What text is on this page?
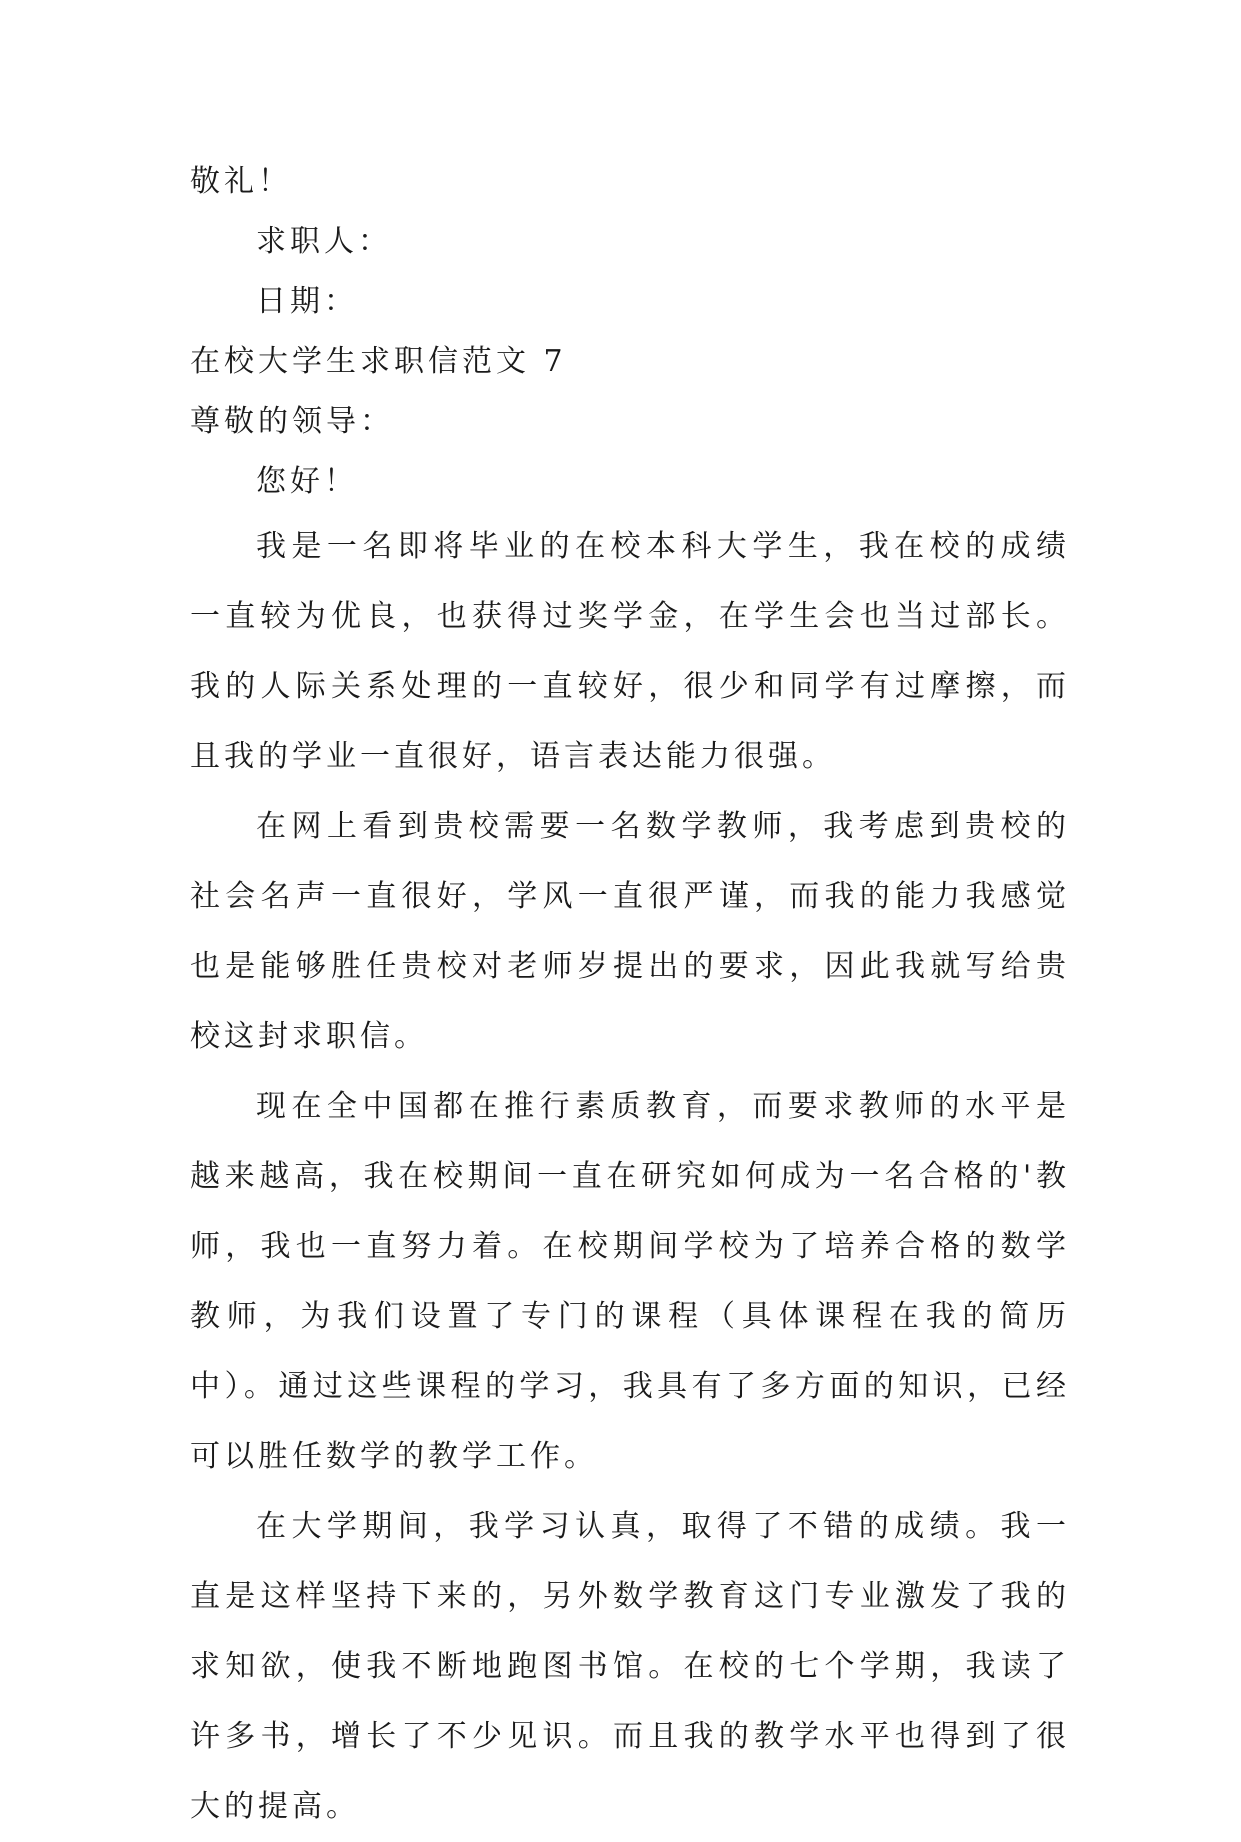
敬礼！

求职人：

日期：

在校大学生求职信范文 7

尊敬的领导：

您好！

我是一名即将毕业的在校本科大学生，我在校的成绩一直较为优良，也获得过奖学金，在学生会也当过部长。我的人际关系处理的一直较好，很少和同学有过摩擦，而且我的学业一直很好，语言表达能力很强。

在网上看到贵校需要一名数学教师，我考虑到贵校的社会名声一直很好，学风一直很严谨，而我的能力我感觉也是能够胜任贵校对老师岁提出的要求，因此我就写给贵校这封求职信。

现在全中国都在推行素质教育，而要求教师的水平是越来越高，我在校期间一直在研究如何成为一名合格的'教师，我也一直努力着。在校期间学校为了培养合格的数学教师，为我们设置了专门的课程（具体课程在我的简历中）。通过这些课程的学习，我具有了多方面的知识，已经可以胜任数学的教学工作。

在大学期间，我学习认真，取得了不错的成绩。我一直是这样坚持下来的，另外数学教育这门专业激发了我的求知欲，使我不断地跑图书馆。在校的七个学期，我读了许多书，增长了不少见识。而且我的教学水平也得到了很大的提高。
